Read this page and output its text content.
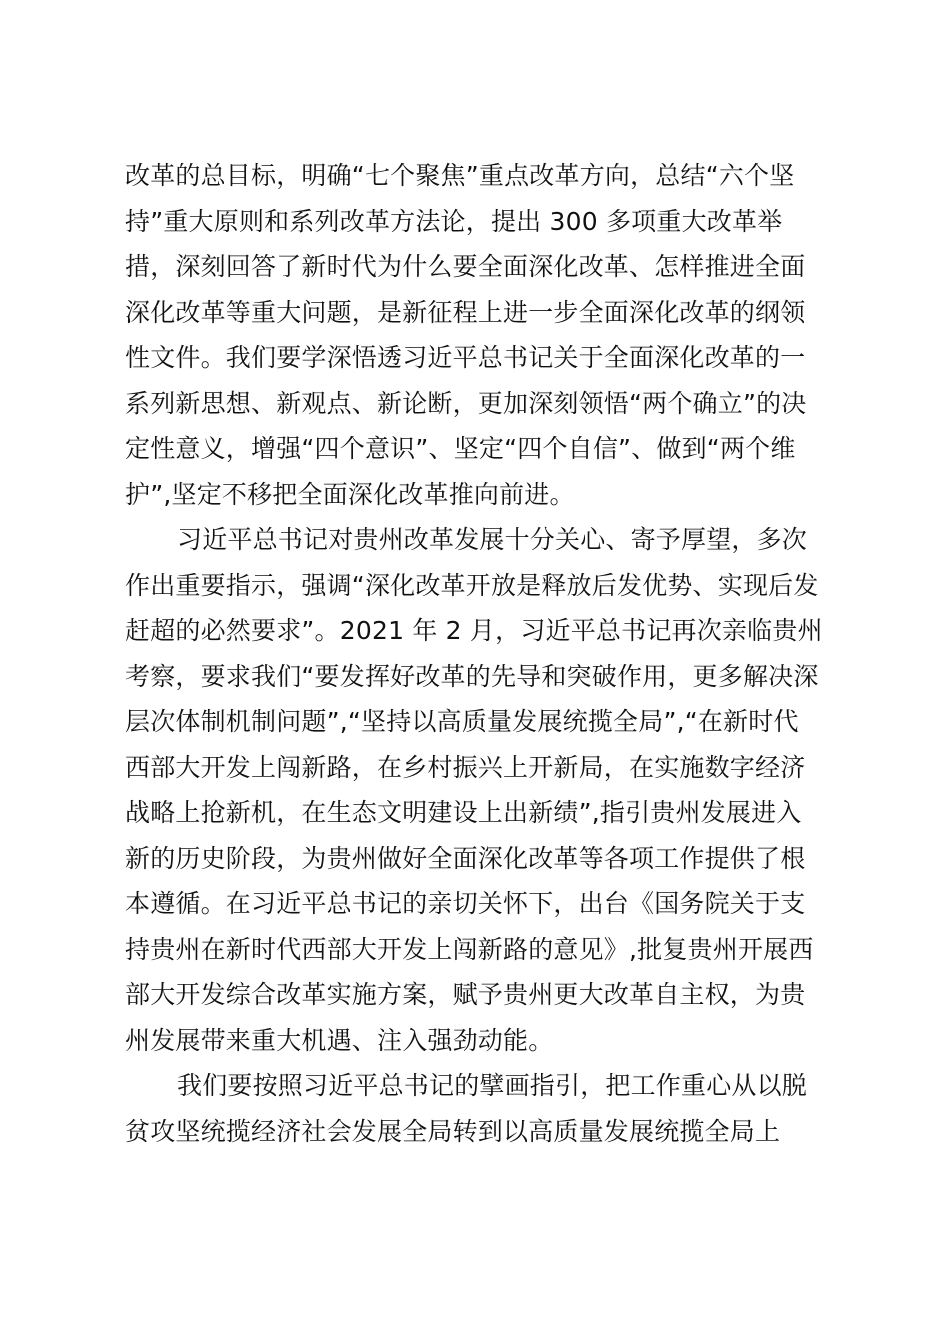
改革的总目标，明确“七个聚焦”重点改革方向，总结“六个坚
持”重大原则和系列改革方法论，提出 300 多项重大改革举
措，深刻回答了新时代为什么要全面深化改革、怎样推进全面
深化改革等重大问题，是新征程上进一步全面深化改革的纲领
性文件。我们要学深悟透习近平总书记关于全面深化改革的一
系列新思想、新观点、新论断，更加深刻领悟“两个确立”的决
定性意义，增强“四个意识”、坚定“四个自信”、做到“两个维
护”,坚定不移把全面深化改革推向前进。
习近平总书记对贵州改革发展十分关心、寄予厚望，多次
作出重要指示，强调“深化改革开放是释放后发优势、实现后发
赶超的必然要求”。2021 年 2 月，习近平总书记再次亲临贵州
考察，要求我们“要发挥好改革的先导和突破作用，更多解决深
层次体制机制问题”,“坚持以高质量发展统揽全局”,“在新时代
西部大开发上闯新路，在乡村振兴上开新局，在实施数字经济
战略上抢新机，在生态文明建设上出新绩”,指引贵州发展进入
新的历史阶段，为贵州做好全面深化改革等各项工作提供了根
本遵循。在习近平总书记的亲切关怀下，出台《国务院关于支
持贵州在新时代西部大开发上闯新路的意见》,批复贵州开展西
部大开发综合改革实施方案，赋予贵州更大改革自主权，为贵
州发展带来重大机遇、注入强劲动能。
我们要按照习近平总书记的擘画指引，把工作重心从以脱
贫攻坚统揽经济社会发展全局转到以高质量发展统揽全局上
